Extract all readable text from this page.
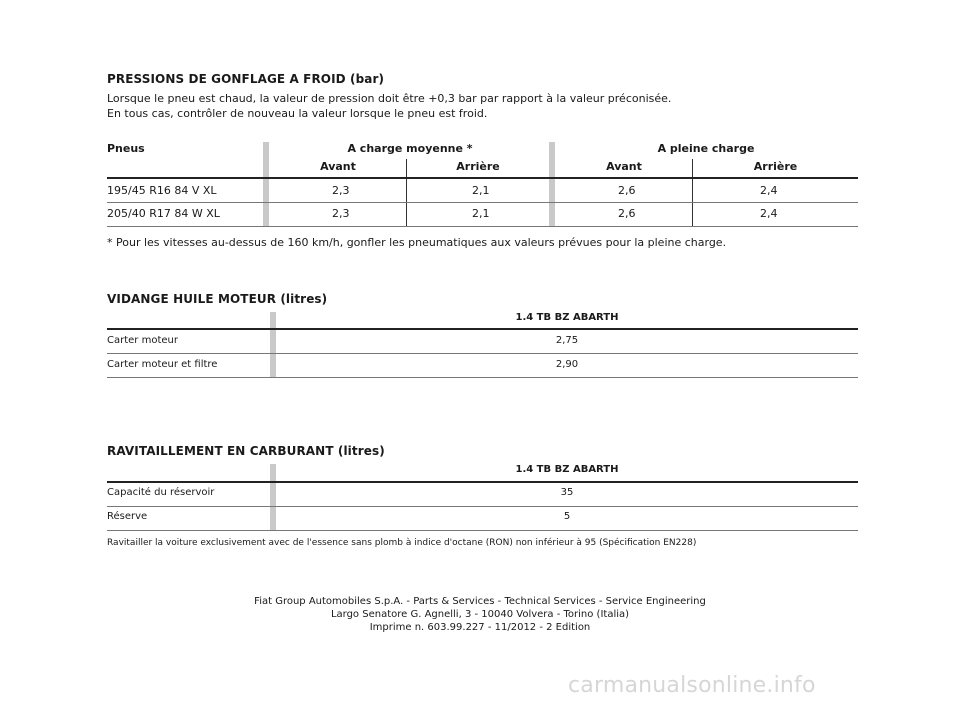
PRESSIONS DE GONFLAGE A FROID (bar)
Lorsque le pneu est chaud, la valeur de pression doit être +0,3 bar par rapport à la valeur préconisée.
En tous cas, contrôler de nouveau la valeur lorsque le pneu est froid.
Pneus	A charge moyenne *	A pleine charge
Avant	Arrière	Avant	Arrière
195/45 R16 84 V XL	2,3	2,1	2,6	2,4
205/40 R17 84 W XL	2,3	2,1	2,6	2,4
* Pour les vitesses au-dessus de 160 km/h, gonfler les pneumatiques aux valeurs prévues pour la pleine charge.
VIDANGE HUILE MOTEUR (litres)
1.4 TB BZ ABARTH
Carter moteur	2,75
Carter moteur et filtre	2,90
RAVITAILLEMENT EN CARBURANT (litres)
1.4 TB BZ ABARTH
Capacité du réservoir	35
Réserve	5
Ravitailler la voiture exclusivement avec de l'essence sans plomb à indice d'octane (RON) non inférieur à 95 (Spécification EN228)
Fiat Group Automobiles S.p.A. - Parts & Services - Technical Services - Service Engineering
Largo Senatore G. Agnelli, 3 - 10040 Volvera - Torino (Italia)
Imprime n. 603.99.227 - 11/2012 - 2 Edition
carmanualsonline.info
